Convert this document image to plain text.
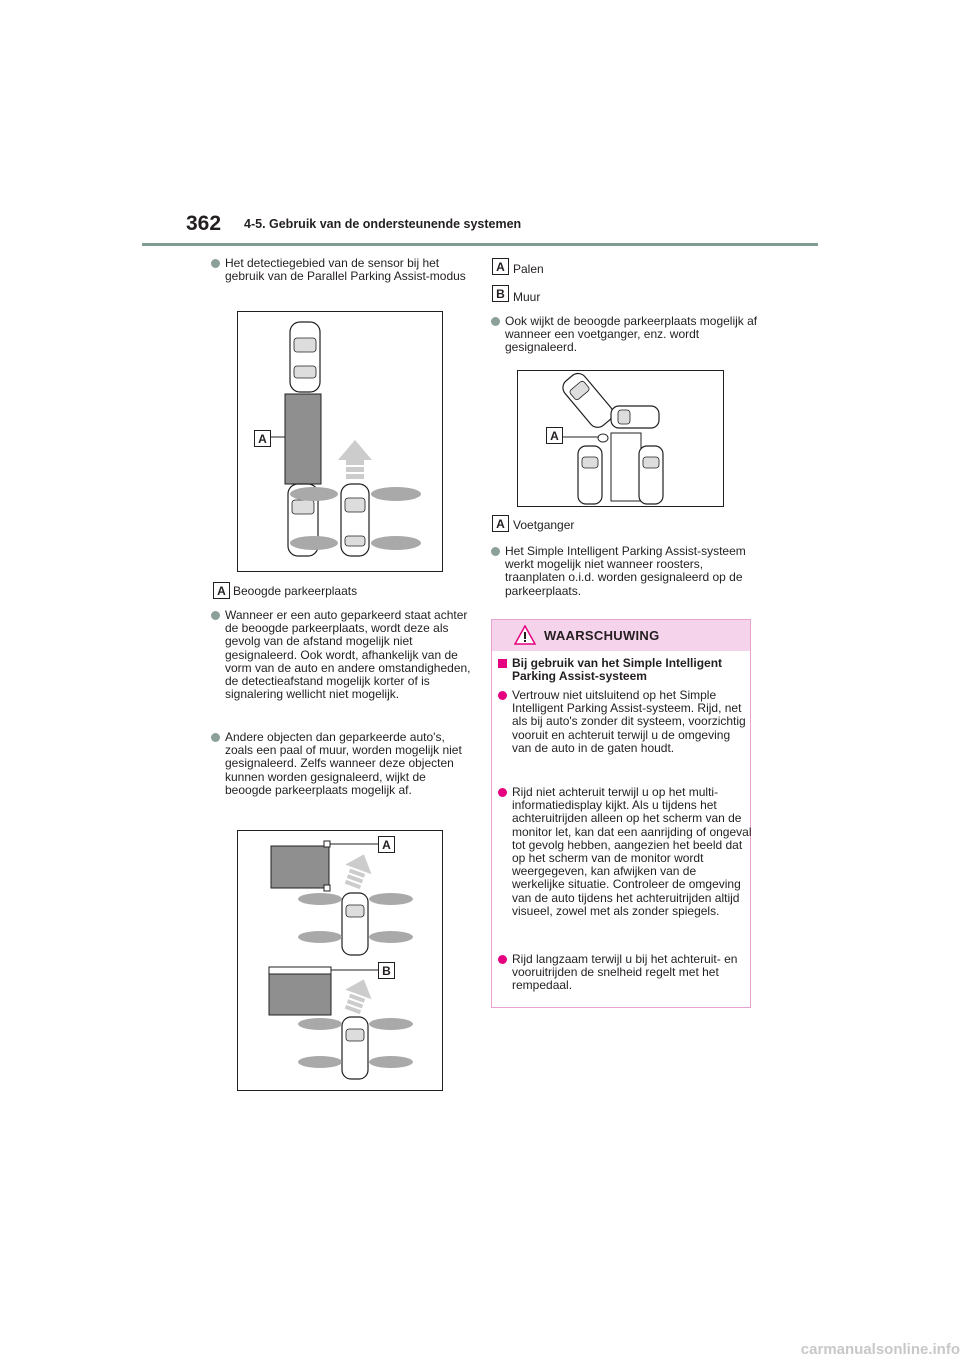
362 4-5. Gebruik van de ondersteunende systemen
Het detectiegebied van de sensor bij het gebruik van de Parallel Parking Assist-modus
A
A Beoogde parkeerplaats
Wanneer er een auto geparkeerd staat achter de beoogde parkeerplaats, wordt deze als gevolg van de afstand mogelijk niet gesignaleerd. Ook wordt, afhankelijk van de vorm van de auto en andere omstandigheden, de detectieafstand mogelijk korter of is signalering wellicht niet mogelijk.
Andere objecten dan geparkeerde auto's, zoals een paal of muur, worden mogelijk niet gesignaleerd. Zelfs wanneer deze objecten kunnen worden gesignaleerd, wijkt de beoogde parkeerplaats mogelijk af.
A
B
A Palen
B Muur
Ook wijkt de beoogde parkeerplaats mogelijk af wanneer een voetganger, enz. wordt gesignaleerd.
A
A Voetganger
Het Simple Intelligent Parking Assist-systeem werkt mogelijk niet wanneer roosters, traanplaten o.i.d. worden gesignaleerd op de parkeerplaats.
WAARSCHUWING
Bij gebruik van het Simple Intelligent Parking Assist-systeem
Vertrouw niet uitsluitend op het Simple Intelligent Parking Assist-systeem. Rijd, net als bij auto's zonder dit systeem, voorzichtig vooruit en achteruit terwijl u de omgeving van de auto in de gaten houdt.
Rijd niet achteruit terwijl u op het multi-informatiedisplay kijkt. Als u tijdens het achteruitrijden alleen op het scherm van de monitor let, kan dat een aanrijding of ongeval tot gevolg hebben, aangezien het beeld dat op het scherm van de monitor wordt weergegeven, kan afwijken van de werkelijke situatie. Controleer de omgeving van de auto tijdens het achteruitrijden altijd visueel, zowel met als zonder spiegels.
Rijd langzaam terwijl u bij het achteruit- en vooruitrijden de snelheid regelt met het rempedaal.
carmanualsonline.info
